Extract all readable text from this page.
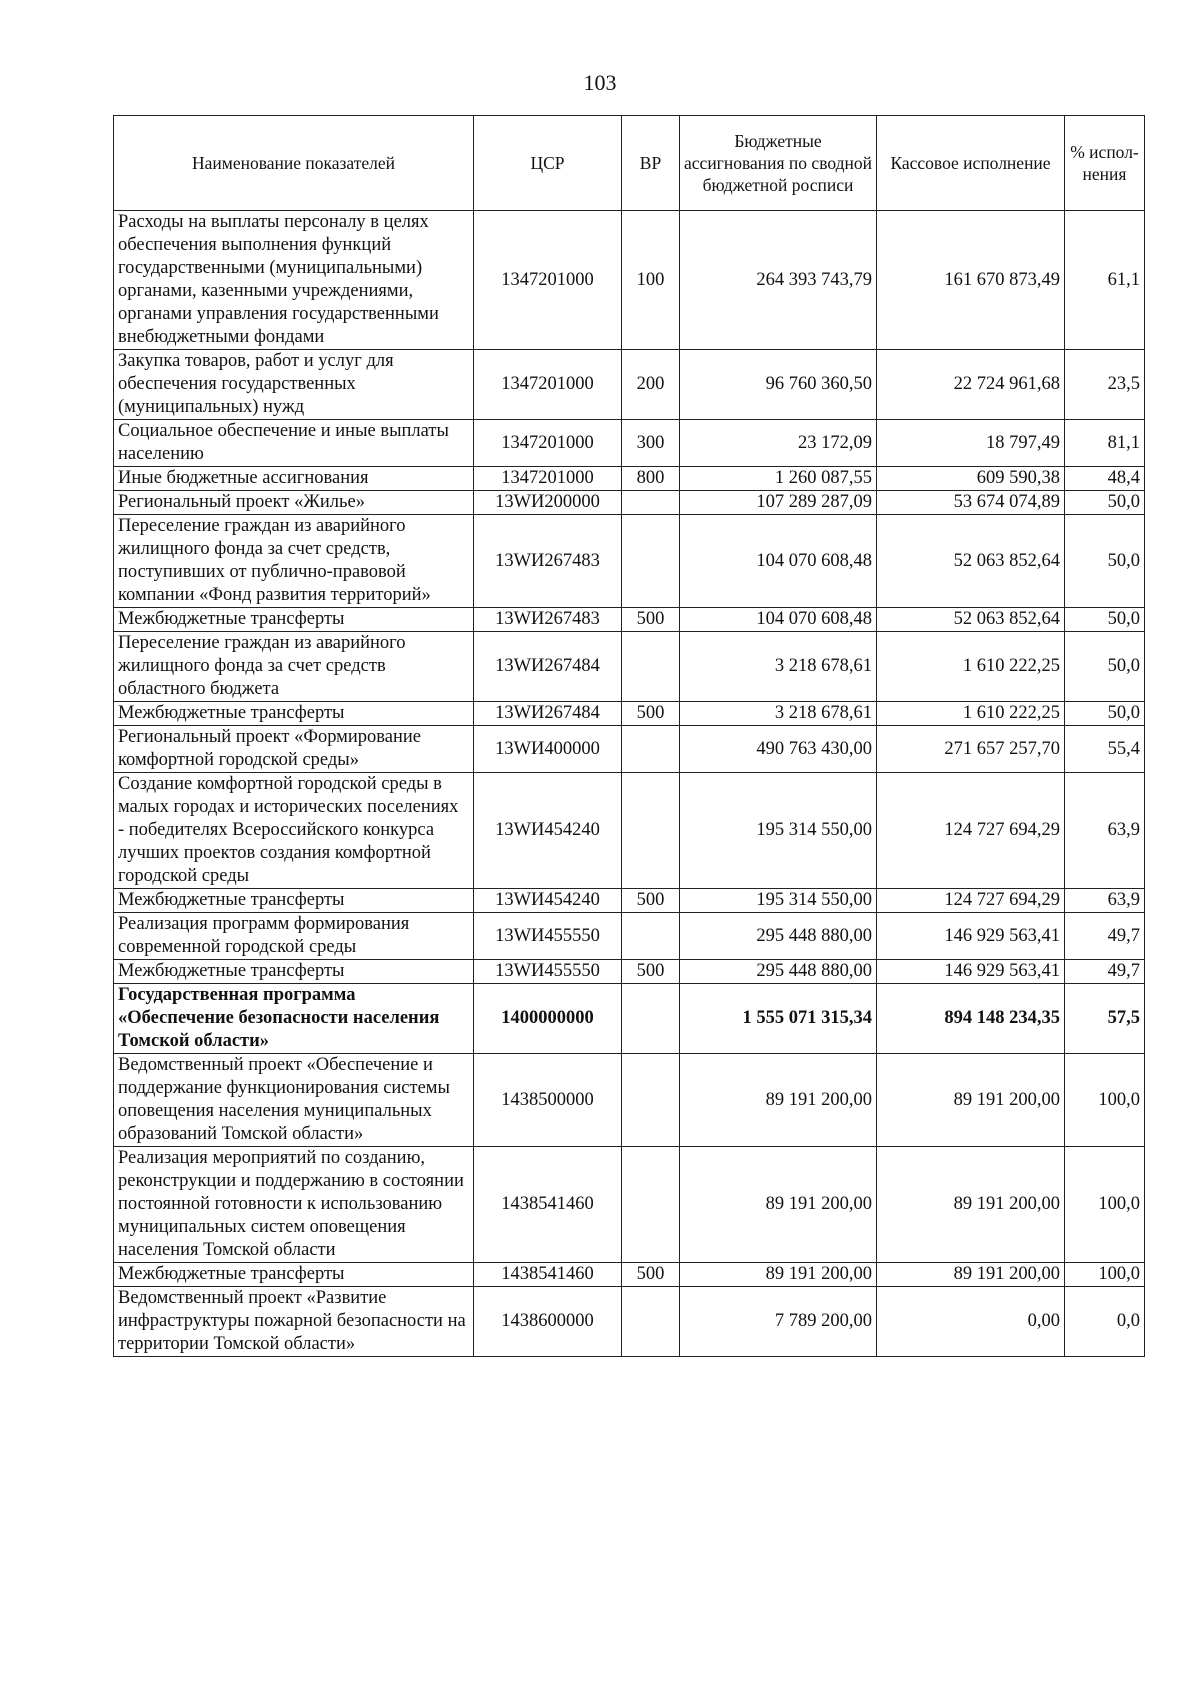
103
Наименование показателей	ЦСР	ВР	Бюджетные ассигнования по сводной бюджетной росписи	Кассовое исполнение	% испол-нения
Расходы на выплаты персоналу в целях обеспечения выполнения функций государственными (муниципальными) органами, казенными учреждениями, органами управления государственными внебюджетными фондами	1347201000	100	264 393 743,79	161 670 873,49	61,1
Закупка товаров, работ и услуг для обеспечения государственных (муниципальных) нужд	1347201000	200	96 760 360,50	22 724 961,68	23,5
Социальное обеспечение и иные выплаты населению	1347201000	300	23 172,09	18 797,49	81,1
Иные бюджетные ассигнования	1347201000	800	1 260 087,55	609 590,38	48,4
Региональный проект «Жилье»	13WИ200000		107 289 287,09	53 674 074,89	50,0
Переселение граждан из аварийного жилищного фонда за счет средств, поступивших от публично-правовой компании «Фонд развития территорий»	13WИ267483		104 070 608,48	52 063 852,64	50,0
Межбюджетные трансферты	13WИ267483	500	104 070 608,48	52 063 852,64	50,0
Переселение граждан из аварийного жилищного фонда за счет средств областного бюджета	13WИ267484		3 218 678,61	1 610 222,25	50,0
Межбюджетные трансферты	13WИ267484	500	3 218 678,61	1 610 222,25	50,0
Региональный проект «Формирование комфортной городской среды»	13WИ400000		490 763 430,00	271 657 257,70	55,4
Создание комфортной городской среды в малых городах и исторических поселениях - победителях Всероссийского конкурса лучших проектов создания комфортной городской среды	13WИ454240		195 314 550,00	124 727 694,29	63,9
Межбюджетные трансферты	13WИ454240	500	195 314 550,00	124 727 694,29	63,9
Реализация программ формирования современной городской среды	13WИ455550		295 448 880,00	146 929 563,41	49,7
Межбюджетные трансферты	13WИ455550	500	295 448 880,00	146 929 563,41	49,7
Государственная программа «Обеспечение безопасности населения Томской области»	1400000000		1 555 071 315,34	894 148 234,35	57,5
Ведомственный проект «Обеспечение и поддержание функционирования системы оповещения населения муниципальных образований Томской области»	1438500000		89 191 200,00	89 191 200,00	100,0
Реализация мероприятий по созданию, реконструкции и поддержанию в состоянии постоянной готовности к использованию муниципальных систем оповещения населения Томской области	1438541460		89 191 200,00	89 191 200,00	100,0
Межбюджетные трансферты	1438541460	500	89 191 200,00	89 191 200,00	100,0
Ведомственный проект «Развитие инфраструктуры пожарной безопасности на территории Томской области»	1438600000		7 789 200,00	0,00	0,0
